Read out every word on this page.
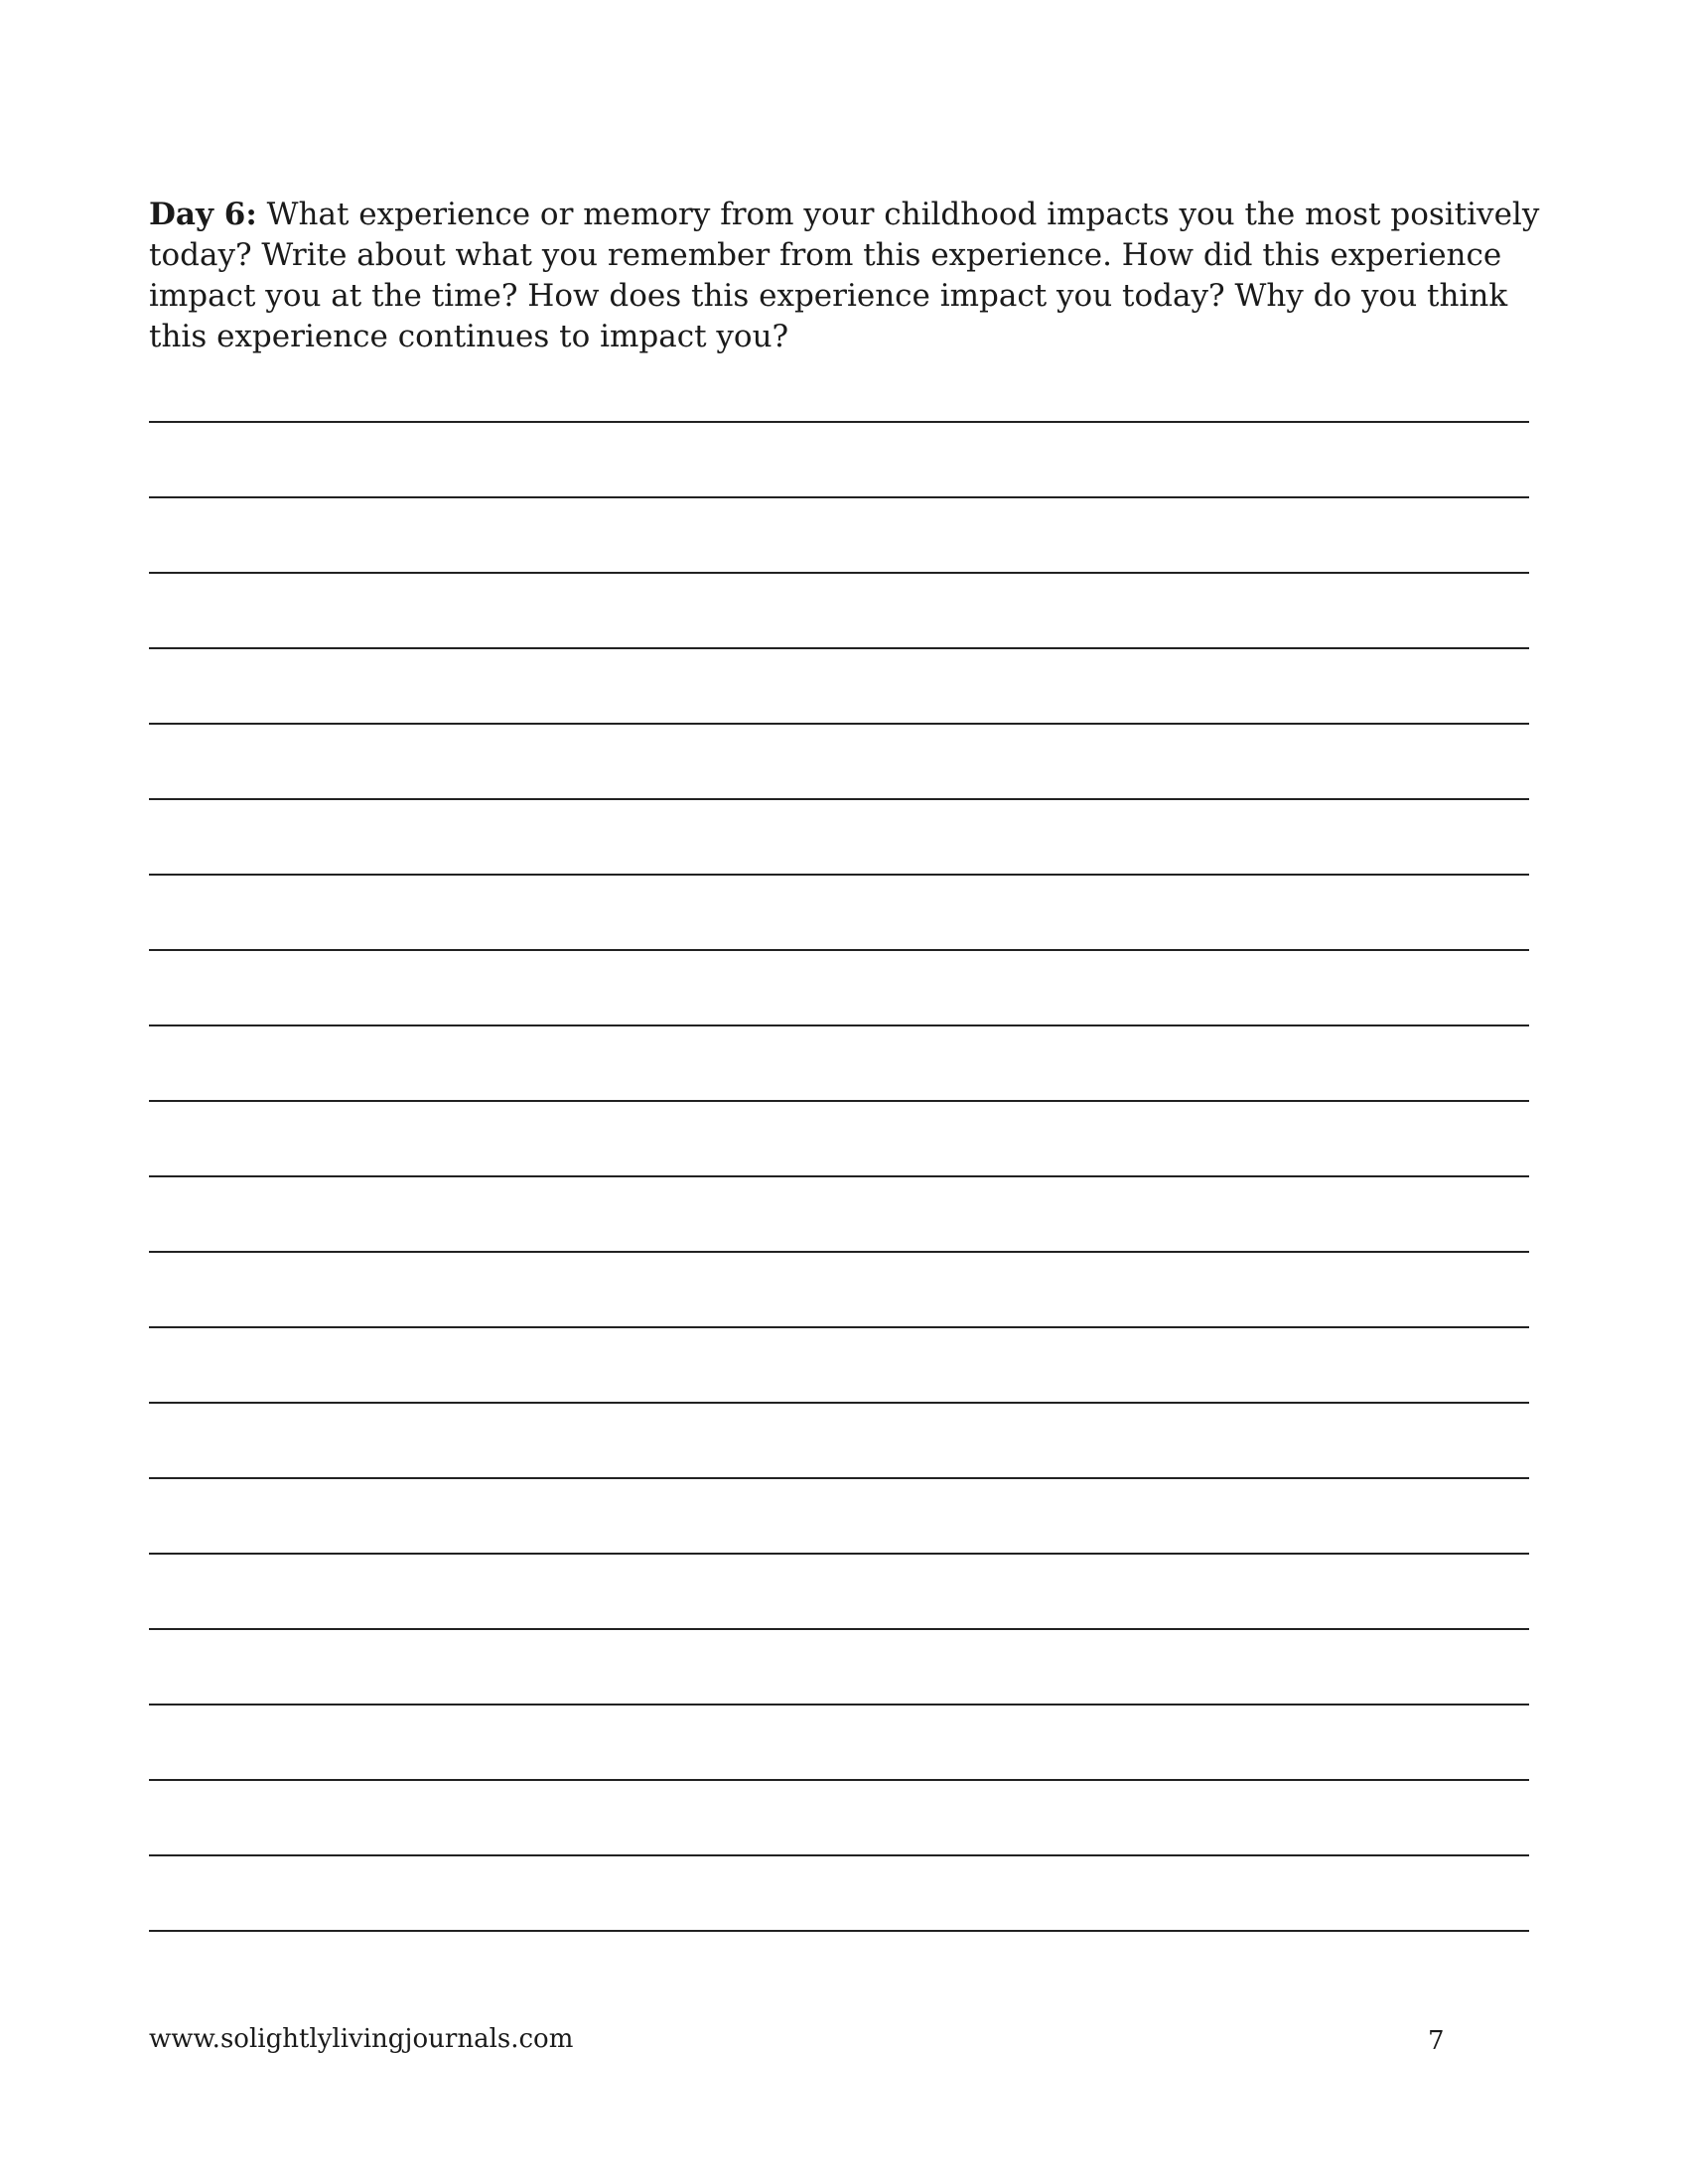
Day 6: What experience or memory from your childhood impacts you the most positively today? Write about what you remember from this experience. How did this experience impact you at the time? How does this experience impact you today? Why do you think this experience continues to impact you?

www.solightlylivingjournals.com	7
